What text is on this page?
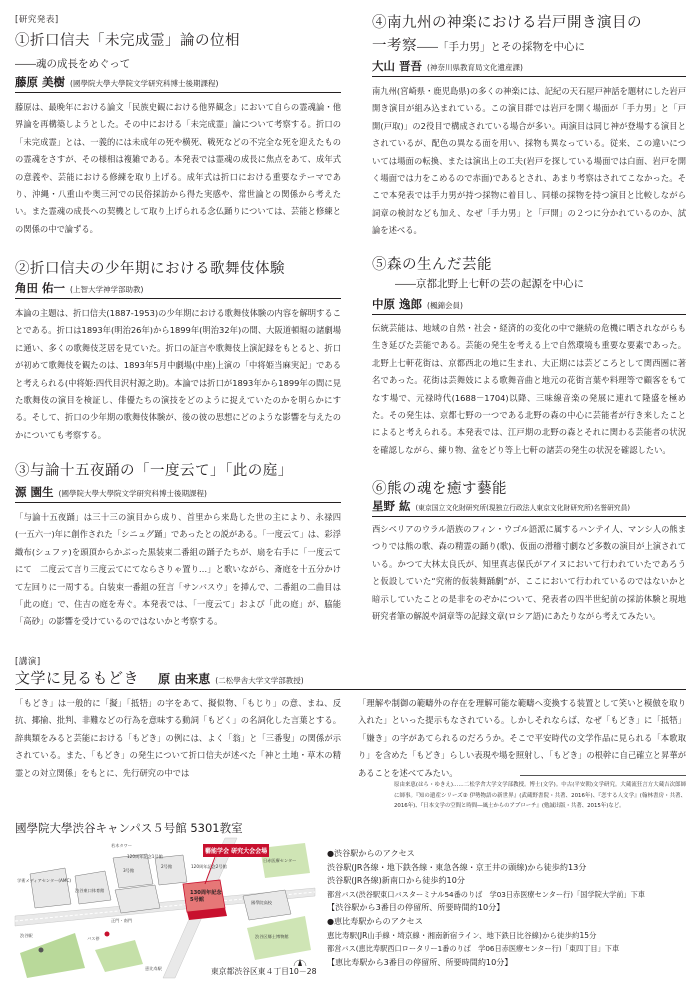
[研究発表]
①折口信夫「未完成霊」論の位相
――魂の成長をめぐって
藤原 美樹 (國學院大學大學院文学研究科博士後期課程)
藤原は、最晩年における論文「民族史観における他界観念」において自らの霊魂論・他界論を再構築しようとした。その中における「未完成霊」論について考察する。折口の「未完成霊」とは、一義的には未成年の死や横死、戦死などの不完全な死を迎えたものの霊魂をさすが、その様相は複雑である。本発表では霊魂の成長に焦点をあて、成年式の意義や、芸能における修練を取り上げる。成年式は折口における重要なテーマであり、沖縄・八重山や奥三河での民俗採訪から得た実感や、常世論との関係から考えたい。また霊魂の成長への契機として取り上げられる念仏踊りについては、芸能と修練との関係の中で論ずる。
②折口信夫の少年期における歌舞伎体験
角田 佑一 (上智大学神学部助教)
本論の主題は、折口信夫(1887-1953)の少年期における歌舞伎体験の内容を解明することである。折口は1893年(明治26年)から1899年(明治32年)の間、大阪道頓堀の諸劇場に通い、多くの歌舞伎芝居を見ていた。折口の証言や歌舞伎上演記録をもとると、折口が初めて歌舞伎を観たのは、1893年5月中劇場(中座)上演の「中将姫当麻実記」であると考えられる(中将姫:四代目沢村源之助)。本論では折口が1893年から1899年の間に見た歌舞伎の演目を検証し、俳優たちの演技をどのように捉えていたのかを明らかにする。そして、折口の少年期の歌舞伎体験が、後の彼の思想にどのような影響を与えたのかについても考察する。
③与論十五夜踊の「一度云て」「此の庭」
源 園生 (國學院大學大學院文学研究科博士後期課程)
「与論十五夜踊」は三十三の演目から成り、首里から来島した世の主により、永禄四(一五六一)年に創作された「シニュグ踊」であったとの説がある。「一度云て」は、彩浮織布(シュファ)を頭頂からかぶった黒装束二番組の踊子たちが、扇を右手に「一度云てにて　二度云て言り三度云てにてならさりゃ置り…」と歌いながら、斎庭を十五分かけて左回りに一周する。白装束一番組の狂言「サンバスウ」を挿んで、二番組の二曲目は「此の庭」で、住吉の庭を寿ぐ。本発表では、「一度云て」および「此の庭」が、脇能「高砂」の影響を受けているのではないかと考察する。
④南九州の神楽における岩戸開き演目の
一考察――「手力男」とその採物を中心に
大山 晋吾 (神奈川県教育局文化遺産課)
南九州(宮崎県・鹿児島県)の多くの神楽には、記紀の天石屋戸神話を題材にした岩戸開き演目が組み込まれている。この演目群では岩戸を開く場面が「手力男」と「戸開(戸取)」の2役目で構成されている場合が多い。両演目は同じ神が登場する演目とされているが、配色の異なる面を用い、採物も異なっている。従来、この違いについては場面の転換、または演出上の工夫(岩戸を探している場面では白面、岩戸を開く場面では力をこめるので赤面)であるとされ、あまり考察はされてこなかった。そこで本発表では手力男が持つ採物に着目し、同様の採物を持つ演目と比較しながら詞章の検討なども加え、なぜ「手力男」と「戸開」の２つに分かれているのか、試論を述べる。
⑤森の生んだ芸能
――京都北野上七軒の芸の起源を中心に
中原 逸郎 (楓錦会員)
伝統芸能は、地域の自然・社会・経済的の変化の中で継続の危機に晒されながらも生き延びた芸能である。芸能の発生を考える上で自然環境も重要な要素であった。北野上七軒花街は、京都西北の地に生まれ、大正期には芸どころとして関西圏に著名であった。花街は芸舞妓による歌舞音曲と地元の花街言葉や料理等で顧客をもてなす場で、元禄時代(1688－1704)以降、三味線音楽の発展に連れて隆盛を極めた。その発生は、京都七野の一つである北野の森の中心に芸能者が行き来したことによると考えられる。本発表では、江戸期の北野の森とそれに関わる芸能者の状況を確認しながら、練り物、盆をどり等上七軒の諸芸の発生の状況を確認したい。
⑥熊の魂を癒す藝能
星野 紘 (東京国立文化財研究所(現独立行政法人東京文化財研究所)名誉研究員)
西シベリアのウラル語族のフィン・ウゴル語派に属するハンテイ人、マンシ人の熊まつりでは熊の歌、森の精霊の踊り(歌)、仮面の滑稽寸劇など多数の演目が上演されている。かつて大林太良氏が、知里真志保氏がアイヌにおいて行われていたであろうと仮設していた“究術的仮装舞踊劇”が、ここにおいて行われているのではないかと暗示していたことの是非をのぞかについて、発表者の四半世紀前の採訪体験と現地研究者筆の解説や詞章等の記録文章(ロシア語)にあたりながら考えてみたい。
[講演]
文学に見るもどき 原 由来恵 (二松學舎大学文学部教授)
「もどき」は一般的に「擬」「抵牾」の字をあて、擬似物、「もじり」の意、まね、反抗、揶揄、批判、非難などの行為を意味する動詞「もどく」の名詞化した言葉とする。辞典類をみると芸能における「もどき」の例には、よく「翁」と「三番叟」の関係が示されている。また、「もどき」の発生について折口信夫が述べた「神と土地・草木の精霊との対立関係」をもとに、先行研究の中では
「理解や制御の範疇外の存在を理解可能な範疇へ変換する装置として笑いと模倣を取り入れた」といった提示もなされている。しかしそれならば、なぜ「もどき」に「抵牾」「嫌き」の字があてられるのだろうか。そこで平安時代の文学作品に見られる「本歌取り」を含めた「もどき」らしい表現や場を照射し、「もどき」の根幹に自己確立と昇華があることを述べてみたい。
原由来恵(はら・ゆきえ)……二松学舎大学文学部教授。博士(文学)。中古(平安朝)文学研究。大蔵流狂言方大蔵吉次郎師に師事。『知の遺産シリーズ② 伊勢物語の新世界』(武蔵野書院・共著、2016年)、『恋する人文学』(翰林書房・共著、2016年)、『日本文学の空間と時間―風土からのアプローチ』(勉誠出版・共著、2015年)など。
國學院大學渋谷キャンパス５号館 5301教室
藝能学会 研究大会会場
130周年記念5号館
学術メディアセンター(AMC)
若木タワー
3号館
2号館
120周年記念1号館
120周年記念2号館
國學院高校
渋谷東口体育館
正門・南門
バス停	渋谷区郷土博物館
日赤医療センター
渋谷駅
恵比寿駅	東京都渋谷区東４丁目10－28
●渋谷駅からのアクセス
渋谷駅(JR各線・地下鉄各線・東急各線・京王井の頭線)から徒歩約13分
渋谷駅(JR各線)新南口から徒歩約10分
都営バス(渋谷駅東口バスターミナル54番のりば　学03日赤医療センター行)「国学院大学前」下車
【渋谷駅から3番目の停留所、所要時間約10分】
●恵比寿駅からのアクセス
恵比寿駅(JR山手線・埼京線・湘南新宿ライン、地下鉄日比谷線)から徒歩約15分
都営バス(恵比寿駅西口ロータリー1番のりば　学06日赤医療センター行)「東四丁目」下車
【恵比寿駅から3番目の停留所、所要時間約10分】
